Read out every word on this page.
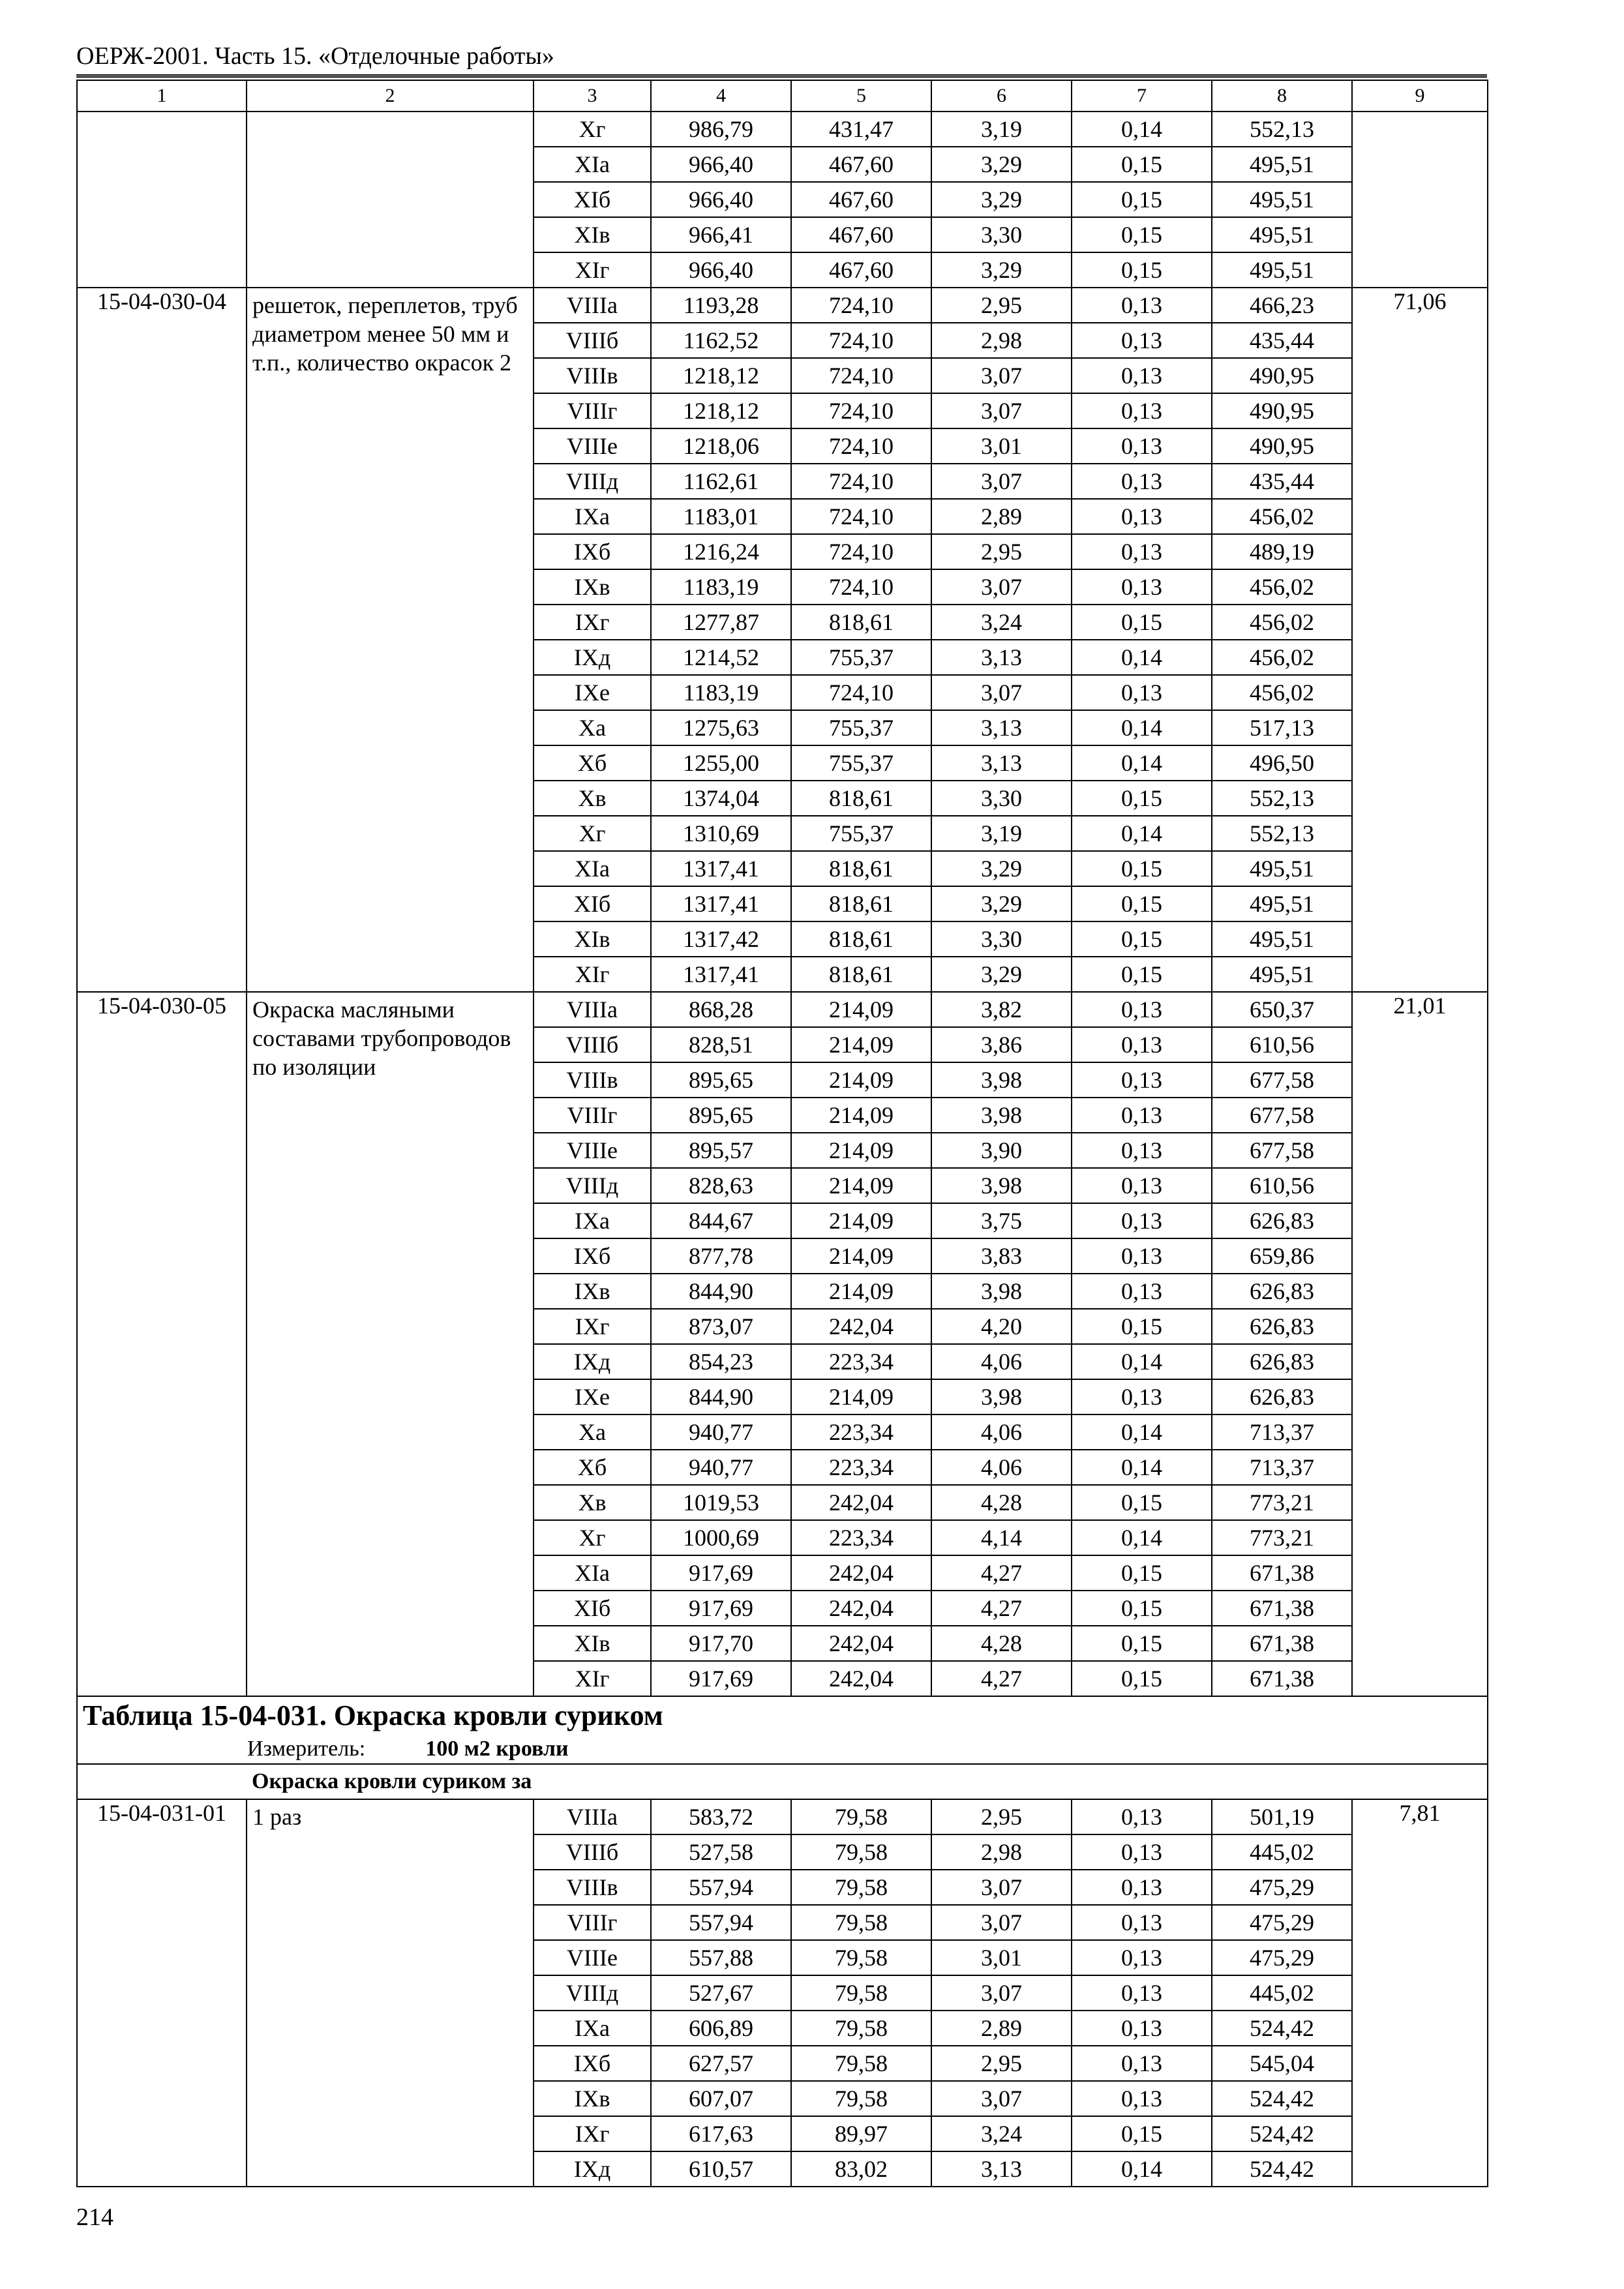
ОЕРЖ-2001. Часть 15. «Отделочные работы»
1	2	3	4	5	6	7	8	9
		Xг	986,79	431,47	3,19	0,14	552,13	
		XIа	966,40	467,60	3,29	0,15	495,51	
		XIб	966,40	467,60	3,29	0,15	495,51	
		XIв	966,41	467,60	3,30	0,15	495,51	
		XIг	966,40	467,60	3,29	0,15	495,51	
15-04-030-04	решеток, переплетов, труб диаметром менее 50 мм и т.п., количество окрасок 2	VIIIа	1193,28	724,10	2,95	0,13	466,23	71,06
		VIIIб	1162,52	724,10	2,98	0,13	435,44	
		VIIIв	1218,12	724,10	3,07	0,13	490,95	
		VIIIг	1218,12	724,10	3,07	0,13	490,95	
		VIIIе	1218,06	724,10	3,01	0,13	490,95	
		VIIIд	1162,61	724,10	3,07	0,13	435,44	
		IXа	1183,01	724,10	2,89	0,13	456,02	
		IXб	1216,24	724,10	2,95	0,13	489,19	
		IXв	1183,19	724,10	3,07	0,13	456,02	
		IXг	1277,87	818,61	3,24	0,15	456,02	
		IXд	1214,52	755,37	3,13	0,14	456,02	
		IXе	1183,19	724,10	3,07	0,13	456,02	
		Xа	1275,63	755,37	3,13	0,14	517,13	
		Xб	1255,00	755,37	3,13	0,14	496,50	
		Xв	1374,04	818,61	3,30	0,15	552,13	
		Xг	1310,69	755,37	3,19	0,14	552,13	
		XIа	1317,41	818,61	3,29	0,15	495,51	
		XIб	1317,41	818,61	3,29	0,15	495,51	
		XIв	1317,42	818,61	3,30	0,15	495,51	
		XIг	1317,41	818,61	3,29	0,15	495,51	
15-04-030-05	Окраска масляными составами трубопроводов по изоляции	VIIIа	868,28	214,09	3,82	0,13	650,37	21,01
		VIIIб	828,51	214,09	3,86	0,13	610,56	
		VIIIв	895,65	214,09	3,98	0,13	677,58	
		VIIIг	895,65	214,09	3,98	0,13	677,58	
		VIIIе	895,57	214,09	3,90	0,13	677,58	
		VIIIд	828,63	214,09	3,98	0,13	610,56	
		IXа	844,67	214,09	3,75	0,13	626,83	
		IXб	877,78	214,09	3,83	0,13	659,86	
		IXв	844,90	214,09	3,98	0,13	626,83	
		IXг	873,07	242,04	4,20	0,15	626,83	
		IXд	854,23	223,34	4,06	0,14	626,83	
		IXе	844,90	214,09	3,98	0,13	626,83	
		Xа	940,77	223,34	4,06	0,14	713,37	
		Xб	940,77	223,34	4,06	0,14	713,37	
		Xв	1019,53	242,04	4,28	0,15	773,21	
		Xг	1000,69	223,34	4,14	0,14	773,21	
		XIа	917,69	242,04	4,27	0,15	671,38	
		XIб	917,69	242,04	4,27	0,15	671,38	
		XIв	917,70	242,04	4,28	0,15	671,38	
		XIг	917,69	242,04	4,27	0,15	671,38	

Таблица 15-04-031. Окраска кровли суриком
Измеритель: 100 м2 кровли								

	Окраска кровли суриком за							
15-04-031-01	1 раз	VIIIа	583,72	79,58	2,95	0,13	501,19	7,81
		VIIIб	527,58	79,58	2,98	0,13	445,02	
		VIIIв	557,94	79,58	3,07	0,13	475,29	
		VIIIг	557,94	79,58	3,07	0,13	475,29	
		VIIIе	557,88	79,58	3,01	0,13	475,29	
		VIIIд	527,67	79,58	3,07	0,13	445,02	
		IXа	606,89	79,58	2,89	0,13	524,42	
		IXб	627,57	79,58	2,95	0,13	545,04	
		IXв	607,07	79,58	3,07	0,13	524,42	
		IXг	617,63	89,97	3,24	0,15	524,42	
		IXд	610,57	83,02	3,13	0,14	524,42	
214
